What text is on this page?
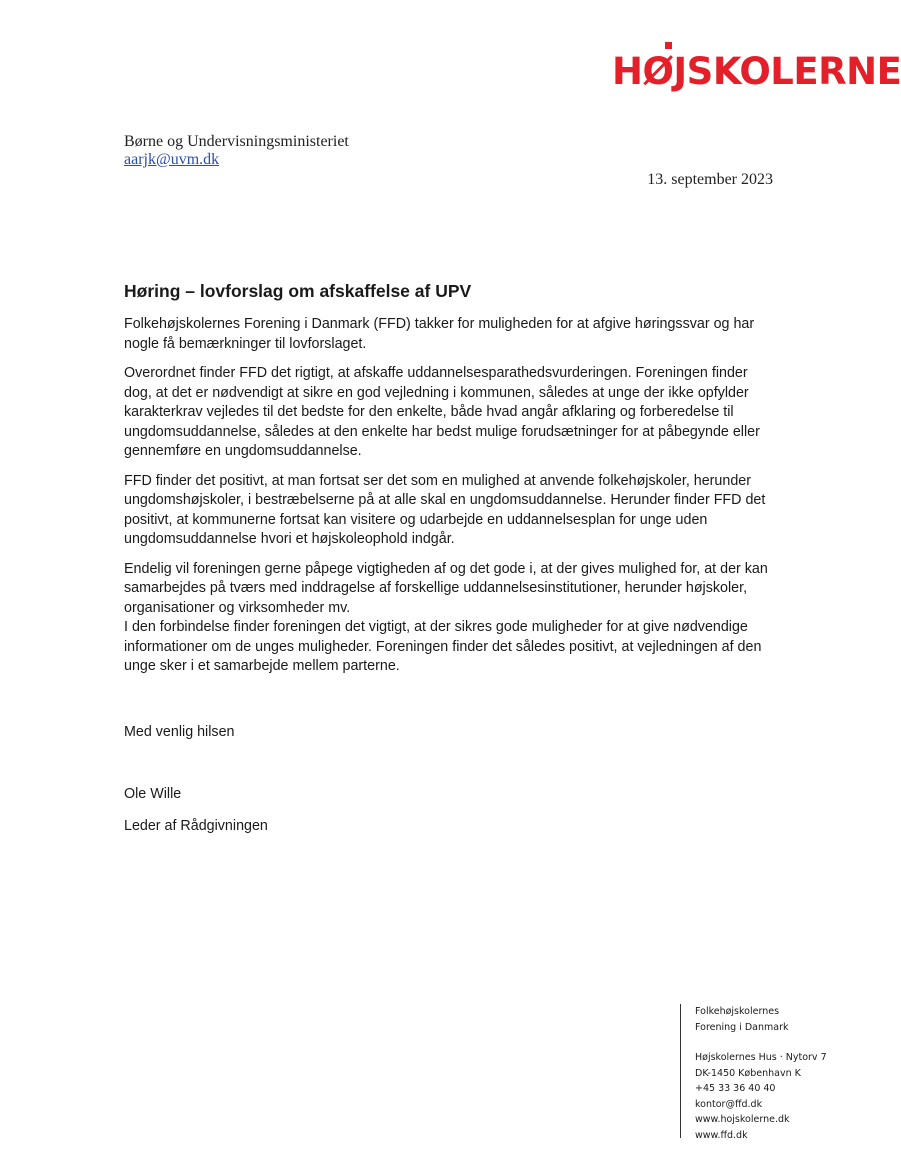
HØJSKOLERNE
Børne og Undervisningsministeriet
aarjk@uvm.dk
13. september 2023
Høring – lovforslag om afskaffelse af UPV

Folkehøjskolernes Forening i Danmark (FFD) takker for muligheden for at afgive høringssvar og har nogle få bemærkninger til lovforslaget.

Overordnet finder FFD det rigtigt, at afskaffe uddannelsesparathedsvurderingen. Foreningen finder dog, at det er nødvendigt at sikre en god vejledning i kommunen, således at unge der ikke opfylder karakterkrav vejledes til det bedste for den enkelte, både hvad angår afklaring og forberedelse til ungdomsuddannelse, således at den enkelte har bedst mulige forudsætninger for at påbegynde eller gennemføre en ungdomsuddannelse.

FFD finder det positivt, at man fortsat ser det som en mulighed at anvende folkehøjskoler, herunder ungdomshøjskoler, i bestræbelserne på at alle skal en ungdomsuddannelse. Herunder finder FFD det positivt, at kommunerne fortsat kan visitere og udarbejde en uddannelsesplan for unge uden ungdomsuddannelse hvori et højskoleophold indgår.

Endelig vil foreningen gerne påpege vigtigheden af og det gode i, at der gives mulighed for, at der kan samarbejdes på tværs med inddragelse af forskellige uddannelsesinstitutioner, herunder højskoler, organisationer og virksomheder mv.
I den forbindelse finder foreningen det vigtigt, at der sikres gode muligheder for at give nødvendige informationer om de unges muligheder. Foreningen finder det således positivt, at vejledningen af den unge sker i et samarbejde mellem parterne.

Med venlig hilsen
Ole Wille
Leder af Rådgivningen
Folkehøjskolernes
Forening i Danmark
Højskolernes Hus · Nytorv 7
DK-1450 København K
+45 33 36 40 40
kontor@ffd.dk
www.hojskolerne.dk
www.ffd.dk
